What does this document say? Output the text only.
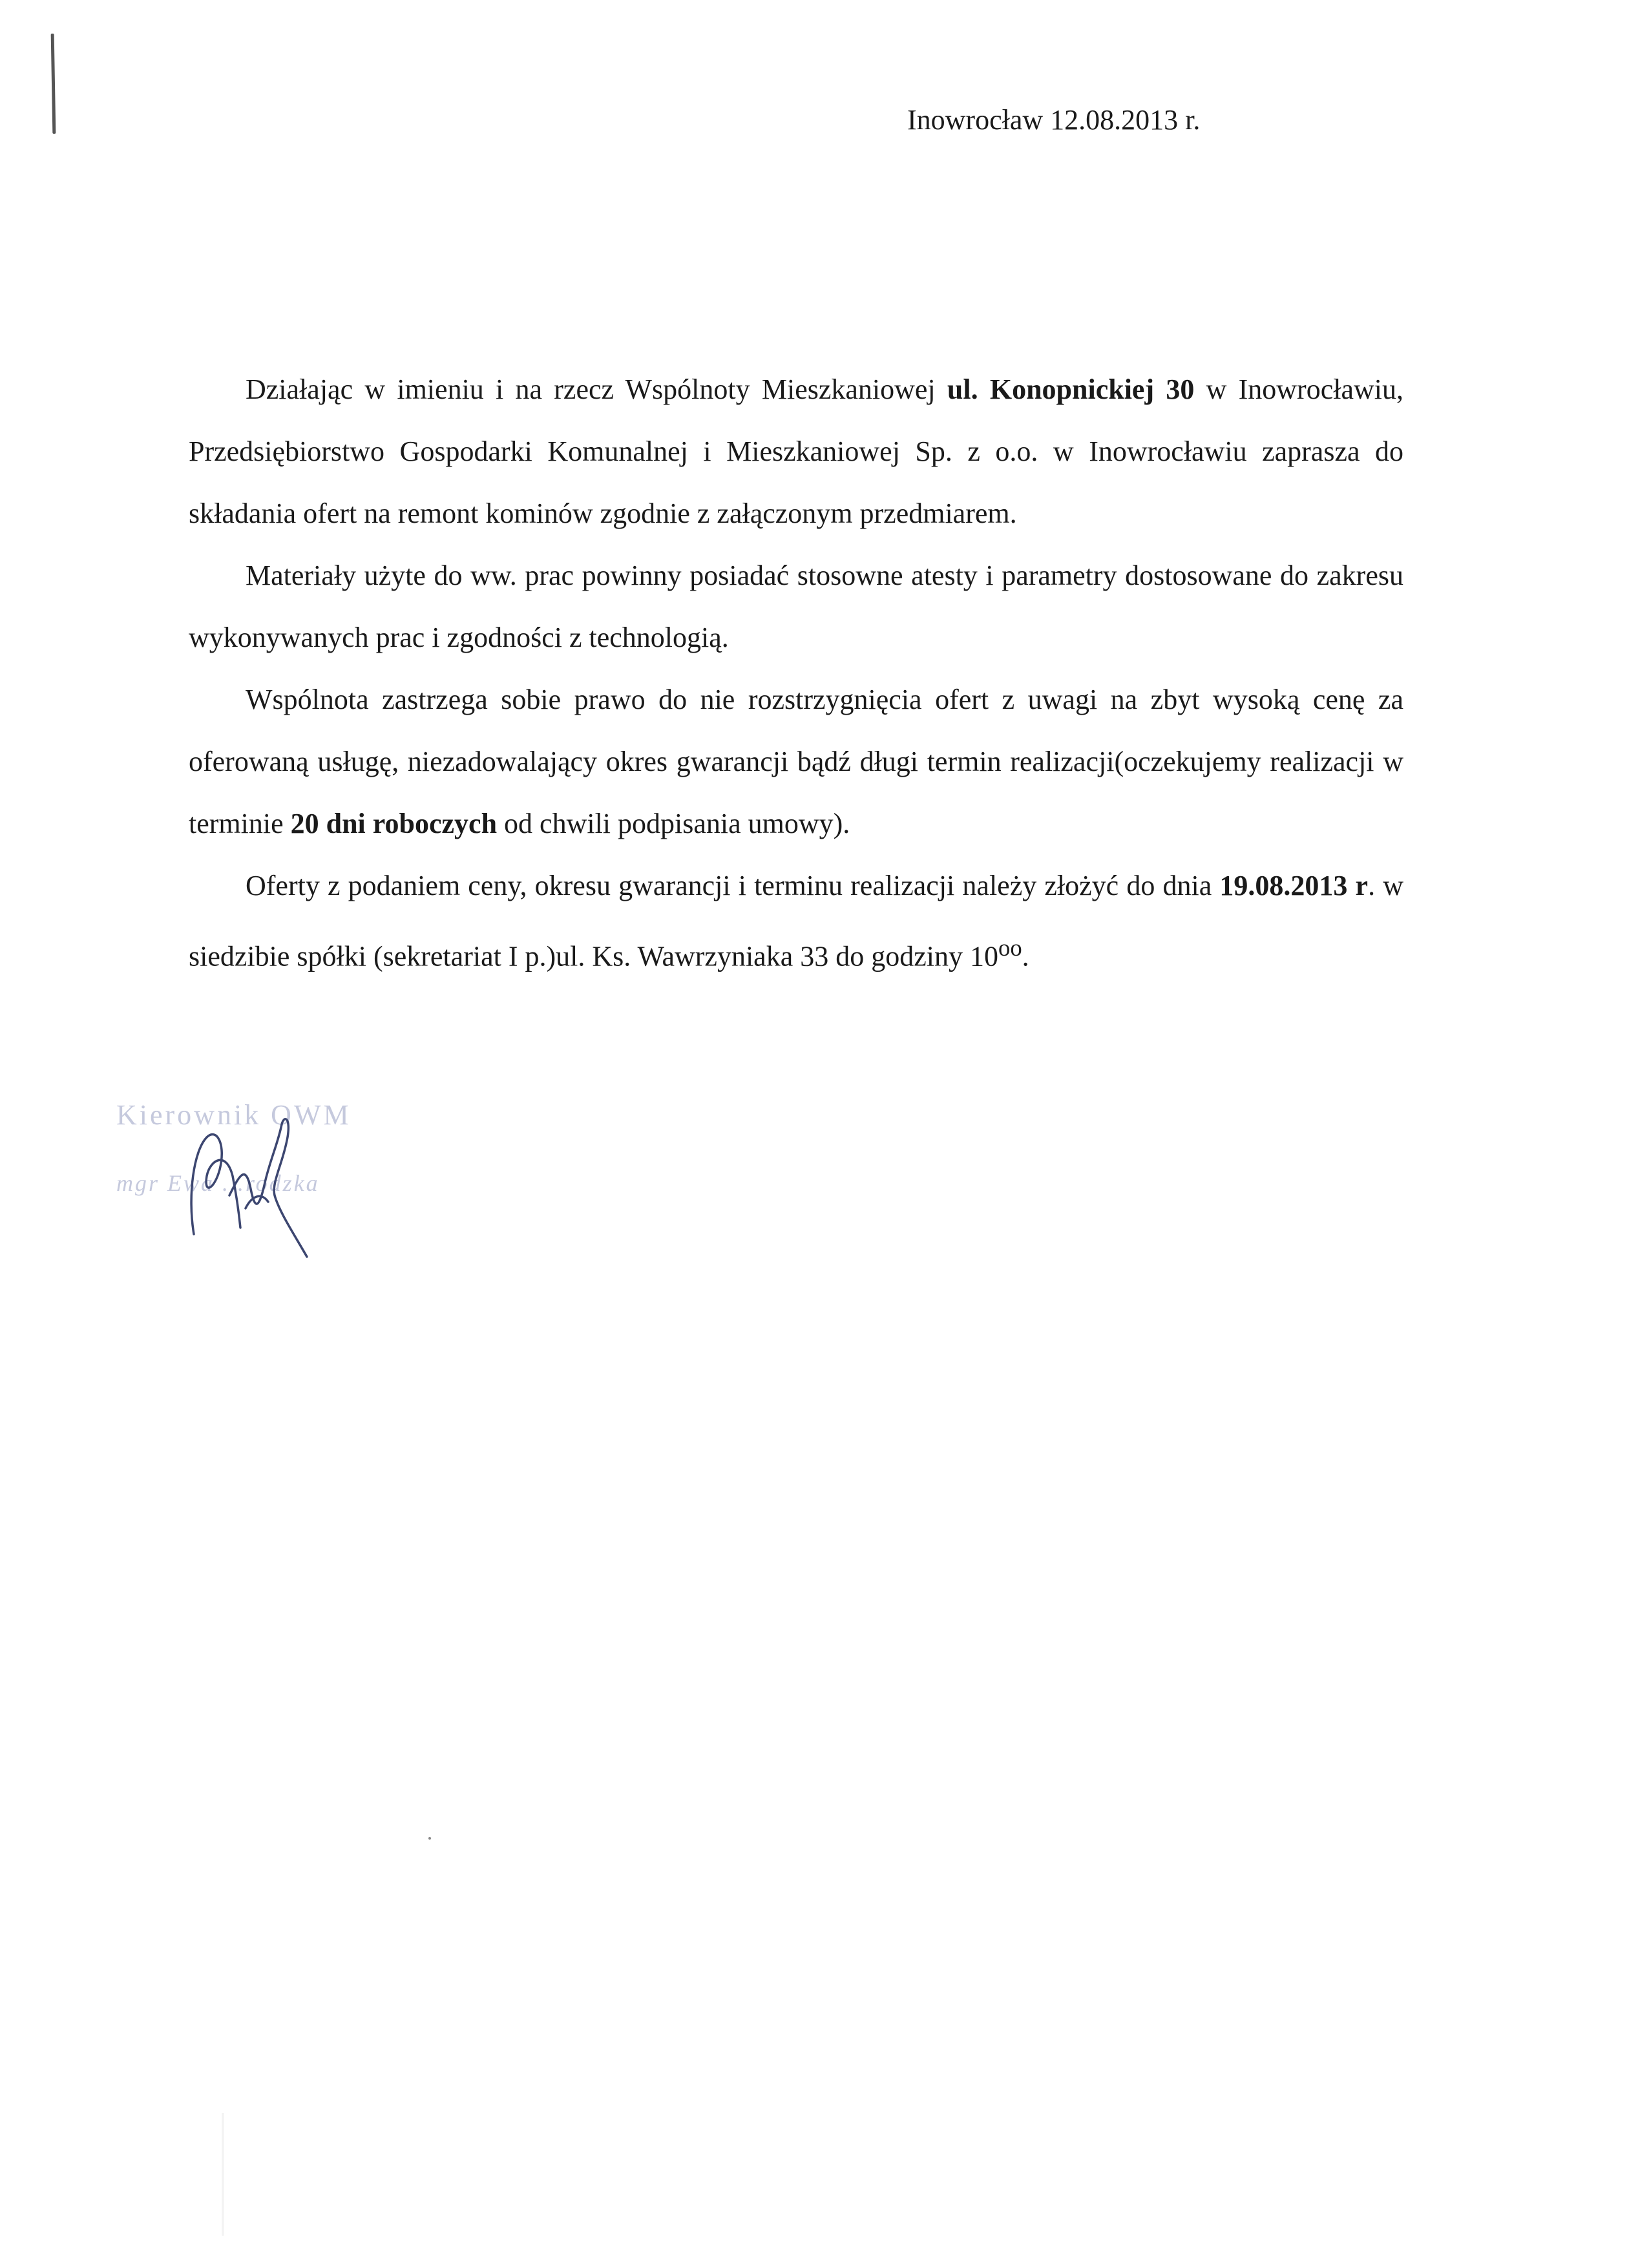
Inowrocław 12.08.2013 r.

Działając w imieniu i na rzecz Wspólnoty Mieszkaniowej ul. Konopnickiej 30 w Inowrocławiu, Przedsiębiorstwo Gospodarki Komunalnej i Mieszkaniowej Sp. z o.o. w Inowrocławiu zaprasza do składania ofert na remont kominów zgodnie z załączonym przedmiarem.

Materiały użyte do ww. prac powinny posiadać stosowne atesty i parametry dostosowane do zakresu wykonywanych prac i zgodności z technologią.

Wspólnota zastrzega sobie prawo do nie rozstrzygnięcia ofert z uwagi na zbyt wysoką cenę za oferowaną usługę, niezadowalający okres gwarancji bądź długi termin realizacji(oczekujemy realizacji w terminie 20 dni roboczych od chwili podpisania umowy).

Oferty z podaniem ceny, okresu gwarancji i terminu realizacji należy złożyć do dnia 19.08.2013 r. w siedzibie spółki (sekretariat I p.)ul. Ks. Wawrzyniaka 33 do godziny $10^{oo}$.

Kierownik OWM
mgr Ewa ...rodzka
